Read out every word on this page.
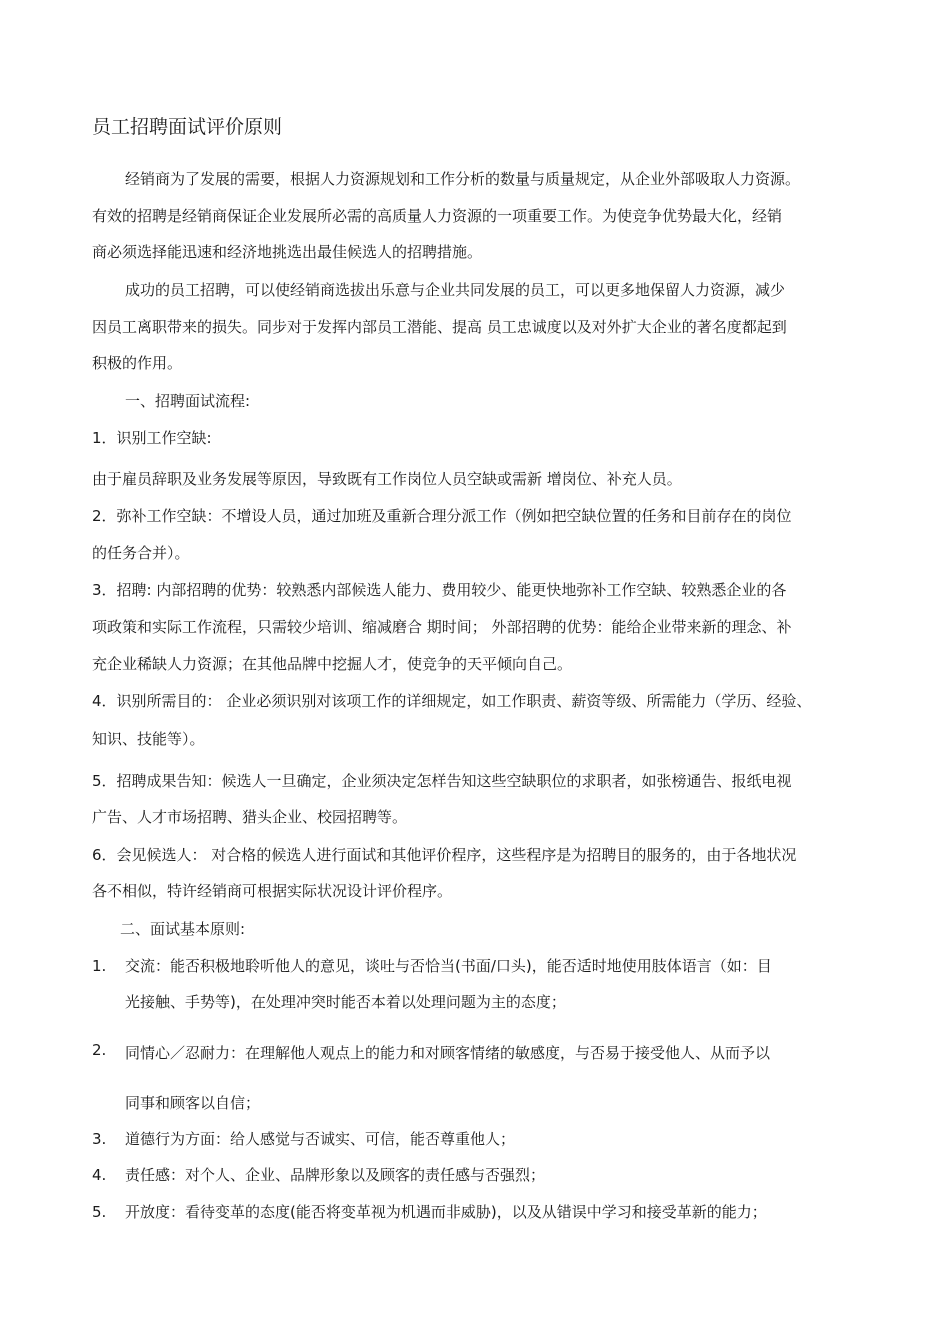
员工招聘面试评价原则
经销商为了发展的需要，根据人力资源规划和工作分析的数量与质量规定，从企业外部吸取人力资源。
有效的招聘是经销商保证企业发展所必需的高质量人力资源的一项重要工作。为使竞争优势最大化，经销
商必须选择能迅速和经济地挑选出最佳候选人的招聘措施。
成功的员工招聘，可以使经销商选拔出乐意与企业共同发展的员工，可以更多地保留人力资源，减少
因员工离职带来的损失。同步对于发挥内部员工潜能、提高 员工忠诚度以及对外扩大企业的著名度都起到
积极的作用。
一、招聘面试流程:
1．识别工作空缺:
由于雇员辞职及业务发展等原因，导致既有工作岗位人员空缺或需新 增岗位、补充人员。
2．弥补工作空缺：不增设人员，通过加班及重新合理分派工作（例如把空缺位置的任务和目前存在的岗位
的任务合并）。
3．招聘: 内部招聘的优势：较熟悉内部候选人能力、费用较少、能更快地弥补工作空缺、较熟悉企业的各
项政策和实际工作流程，只需较少培训、缩减磨合 期时间； 外部招聘的优势：能给企业带来新的理念、补
充企业稀缺人力资源；在其他品牌中挖掘人才，使竞争的天平倾向自己。
4．识别所需目的： 企业必须识别对该项工作的详细规定，如工作职责、薪资等级、所需能力（学历、经验、
知识、技能等）。
5．招聘成果告知：候选人一旦确定，企业须决定怎样告知这些空缺职位的求职者，如张榜通告、报纸电视
广告、人才市场招聘、猎头企业、校园招聘等。
6．会见候选人： 对合格的候选人进行面试和其他评价程序，这些程序是为招聘目的服务的，由于各地状况
各不相似，特许经销商可根据实际状况设计评价程序。
二、面试基本原则:
1. 交流：能否积极地聆听他人的意见，谈吐与否恰当(书面/口头)，能否适时地使用肢体语言（如：目
光接触、手势等)，在处理冲突时能否本着以处理问题为主的态度；
2. 同情心／忍耐力：在理解他人观点上的能力和对顾客情绪的敏感度，与否易于接受他人、从而予以
同事和顾客以自信；
3. 道德行为方面：给人感觉与否诚实、可信，能否尊重他人；
4. 责任感：对个人、企业、品牌形象以及顾客的责任感与否强烈；
5. 开放度：看待变革的态度(能否将变革视为机遇而非威胁)，以及从错误中学习和接受革新的能力；
